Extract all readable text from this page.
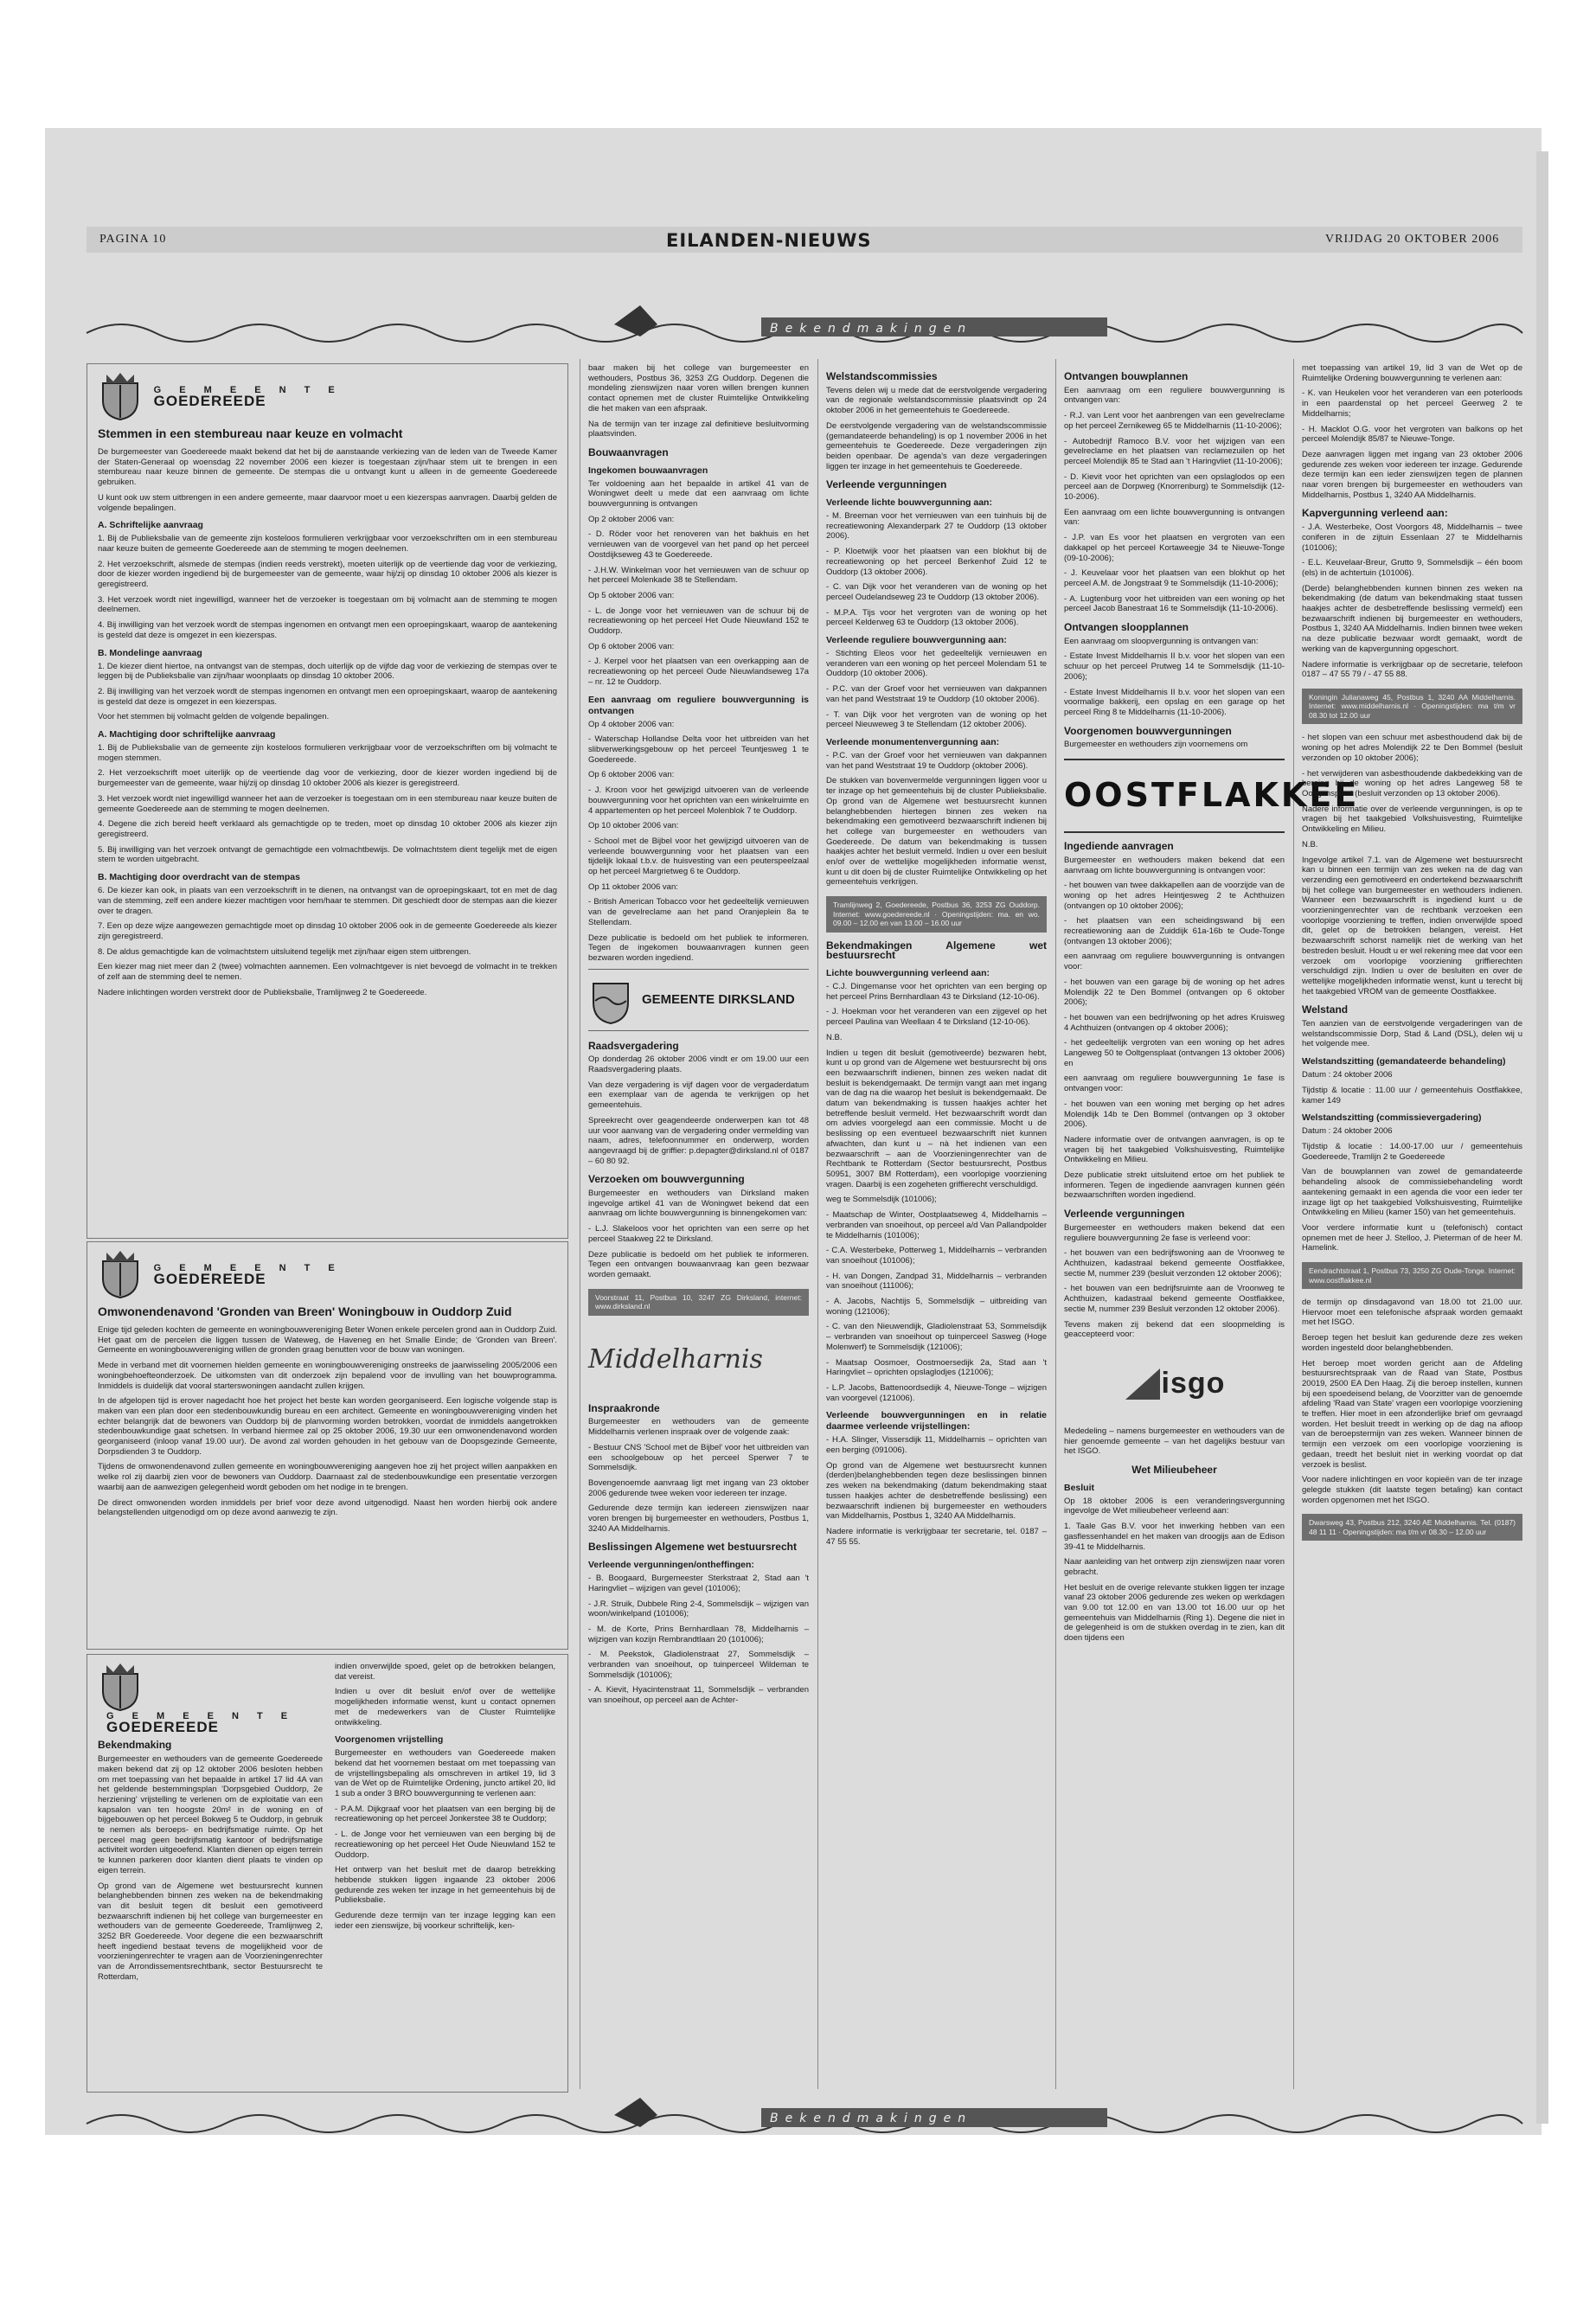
PAGINA 10	EILANDEN-NIEUWS	VRIJDAG 20 OKTOBER 2006
Bekendmakingen

G E M E E N T E
GOEDEREEDE
Stemmen in een stembureau naar keuze en volmacht

De burgemeester van Goedereede maakt bekend dat het bij de aanstaande verkiezing van de leden van de Tweede Kamer der Staten-Generaal op woensdag 22 november 2006 een kiezer is toegestaan zijn/haar stem uit te brengen in een stembureau naar keuze binnen de gemeente. De stempas die u ontvangt kunt u alleen in de gemeente Goedereede gebruiken.

U kunt ook uw stem uitbrengen in een andere gemeente, maar daarvoor moet u een kiezerspas aanvragen. Daarbij gelden de volgende bepalingen.

A. Schriftelijke aanvraag

1. Bij de Publieksbalie van de gemeente zijn kosteloos formulieren verkrijgbaar voor verzoekschriften om in een stembureau naar keuze buiten de gemeente Goedereede aan de stemming te mogen deelnemen.

2. Het verzoekschrift, alsmede de stempas (indien reeds verstrekt), moeten uiterlijk op de veertiende dag voor de verkiezing, door de kiezer worden ingediend bij de burgemeester van de gemeente, waar hij/zij op dinsdag 10 oktober 2006 als kiezer is geregistreerd.

3. Het verzoek wordt niet ingewilligd, wanneer het de verzoeker is toegestaan om bij volmacht aan de stemming te mogen deelnemen.

4. Bij inwilliging van het verzoek wordt de stempas ingenomen en ontvangt men een oproepingskaart, waarop de aantekening is gesteld dat deze is omgezet in een kiezerspas.

B. Mondelinge aanvraag

1. De kiezer dient hiertoe, na ontvangst van de stempas, doch uiterlijk op de vijfde dag voor de verkiezing de stempas over te leggen bij de Publieksbalie van zijn/haar woonplaats op dinsdag 10 oktober 2006.

2. Bij inwilliging van het verzoek wordt de stempas ingenomen en ontvangt men een oproepingskaart, waarop de aantekening is gesteld dat deze is omgezet in een kiezerspas.

Voor het stemmen bij volmacht gelden de volgende bepalingen.

A. Machtiging door schriftelijke aanvraag

1. Bij de Publieksbalie van de gemeente zijn kosteloos formulieren verkrijgbaar voor de verzoekschriften om bij volmacht te mogen stemmen.

2. Het verzoekschrift moet uiterlijk op de veertiende dag voor de verkiezing, door de kiezer worden ingediend bij de burgemeester van de gemeente, waar hij/zij op dinsdag 10 oktober 2006 als kiezer is geregistreerd.

3. Het verzoek wordt niet ingewilligd wanneer het aan de verzoeker is toegestaan om in een stembureau naar keuze buiten de gemeente Goedereede aan de stemming te mogen deelnemen.

4. Degene die zich bereid heeft verklaard als gemachtigde op te treden, moet op dinsdag 10 oktober 2006 als kiezer zijn geregistreerd.

5. Bij inwilliging van het verzoek ontvangt de gemachtigde een volmachtbewijs. De volmachtstem dient tegelijk met de eigen stem te worden uitgebracht.

B. Machtiging door overdracht van de stempas

6. De kiezer kan ook, in plaats van een verzoekschrift in te dienen, na ontvangst van de oproepingskaart, tot en met de dag van de stemming, zelf een andere kiezer machtigen voor hem/haar te stemmen. Dit geschiedt door de stempas aan die kiezer over te dragen.

7. Een op deze wijze aangewezen gemachtigde moet op dinsdag 10 oktober 2006 ook in de gemeente Goedereede als kiezer zijn geregistreerd.

8. De aldus gemachtigde kan de volmachtstem uitsluitend tegelijk met zijn/haar eigen stem uitbrengen.

Een kiezer mag niet meer dan 2 (twee) volmachten aannemen. Een volmachtgever is niet bevoegd de volmacht in te trekken of zelf aan de stemming deel te nemen.

Nadere inlichtingen worden verstrekt door de Publieksbalie, Tramlijnweg 2 te Goedereede.

G E M E E N T E
GOEDEREEDE
Omwonendenavond 'Gronden van Breen' Woningbouw in Ouddorp Zuid

Enige tijd geleden kochten de gemeente en woningbouwvereniging Beter Wonen enkele percelen grond aan in Ouddorp Zuid. Het gaat om de percelen die liggen tussen de Wateweg, de Haveneg en het Smalle Einde; de 'Gronden van Breen'. Gemeente en woningbouwvereniging willen de gronden graag benutten voor de bouw van woningen.

Mede in verband met dit voornemen hielden gemeente en woningbouwvereniging onstreeks de jaarwisseling 2005/2006 een woningbehoefteonderzoek. De uitkomsten van dit onderzoek zijn bepalend voor de invulling van het bouwprogramma. Inmiddels is duidelijk dat vooral starterswoningen aandacht zullen krijgen.

In de afgelopen tijd is erover nagedacht hoe het project het beste kan worden georganiseerd. Een logische volgende stap is maken van een plan door een stedenbouwkundig bureau en een architect. Gemeente en woningbouwvereniging vinden het echter belangrijk dat de bewoners van Ouddorp bij de planvorming worden betrokken, voordat de inmiddels aangetrokken stedenbouwkundige gaat schetsen. In verband hiermee zal op 25 oktober 2006, 19.30 uur een omwonendenavond worden georganiseerd (inloop vanaf 19.00 uur). De avond zal worden gehouden in het gebouw van de Doopsgezinde Gemeente, Dorpsdienden 3 te Ouddorp.

Tijdens de omwonendenavond zullen gemeente en woningbouwvereniging aangeven hoe zij het project willen aanpakken en welke rol zij daarbij zien voor de bewoners van Ouddorp. Daarnaast zal de stedenbouwkundige een presentatie verzorgen waarbij aan de aanwezigen gelegenheid wordt geboden om het nodige in te brengen.

De direct omwonenden worden inmiddels per brief voor deze avond uitgenodigd. Naast hen worden hierbij ook andere belangstellenden uitgenodigd om op deze avond aanwezig te zijn.

G E M E E N T E
GOEDEREEDE
Bekendmaking

Burgemeester en wethouders van de gemeente Goedereede maken bekend dat zij op 12 oktober 2006 besloten hebben om met toepassing van het bepaalde in artikel 17 lid 4A van het geldende bestemmingsplan 'Dorpsgebied Ouddorp, 2e herziening' vrijstelling te verlenen om de exploitatie van een kapsalon van ten hoogste 20m² in de woning en of bijgebouwen op het perceel Bokweg 5 te Ouddorp, in gebruik te nemen als beroeps- en bedrijfsmatige ruimte. Op het perceel mag geen bedrijfsmatig kantoor of bedrijfsmatige activiteit worden uitgeoefend. Klanten dienen op eigen terrein te kunnen parkeren door klanten dient plaats te vinden op eigen terrein.

Op grond van de Algemene wet bestuursrecht kunnen belanghebbenden binnen zes weken na de bekendmaking van dit besluit tegen dit besluit een gemotiveerd bezwaarschrift indienen bij het college van burgemeester en wethouders van de gemeente Goedereede, Tramlijnweg 2, 3252 BR Goedereede. Voor degene die een bezwaarschrift heeft ingediend bestaat tevens de mogelijkheid voor de voorzieningenrechter te vragen aan de Voorzieningenrechter van de Arrondissementsrechtbank, sector Bestuursrecht te Rotterdam,

indien onverwijlde spoed, gelet op de betrokken belangen, dat vereist.

Indien u over dit besluit en/of over de wettelijke mogelijkheden informatie wenst, kunt u contact opnemen met de medewerkers van de Cluster Ruimtelijke ontwikkeling.

Voorgenomen vrijstelling

Burgemeester en wethouders van Goedereede maken bekend dat het voornemen bestaat om met toepassing van de vrijstellingsbepaling als omschreven in artikel 19, lid 3 van de Wet op de Ruimtelijke Ordening, juncto artikel 20, lid 1 sub a onder 3 BRO bouwvergunning te verlenen aan:

- P.A.M. Dijkgraaf voor het plaatsen van een berging bij de recreatiewoning op het perceel Jonkerstee 38 te Ouddorp;

- L. de Jonge voor het vernieuwen van een berging bij de recreatiewoning op het perceel Het Oude Nieuwland 152 te Ouddorp.

Het ontwerp van het besluit met de daarop betrekking hebbende stukken liggen ingaande 23 oktober 2006 gedurende zes weken ter inzage in het gemeentehuis bij de Publieksbalie.

Gedurende deze termijn van ter inzage legging kan een ieder een zienswijze, bij voorkeur schriftelijk, ken-

baar maken bij het college van burgemeester en wethouders, Postbus 36, 3253 ZG Ouddorp. Degenen die mondeling zienswijzen naar voren willen brengen kunnen contact opnemen met de cluster Ruimtelijke Ontwikkeling die het maken van een afspraak.

Na de termijn van ter inzage zal definitieve besluitvorming plaatsvinden.

Bouwaanvragen
Ingekomen bouwaanvragen

Ter voldoening aan het bepaalde in artikel 41 van de Woningwet deelt u mede dat een aanvraag om lichte bouwvergunning is ontvangen

Op 2 oktober 2006 van:

- D. Röder voor het renoveren van het bakhuis en het vernieuwen van de voorgevel van het pand op het perceel Oostdijkseweg 43 te Goedereede.

- J.H.W. Winkelman voor het vernieuwen van de schuur op het perceel Molenkade 38 te Stellendam.

Op 5 oktober 2006 van:

- L. de Jonge voor het vernieuwen van de schuur bij de recreatiewoning op het perceel Het Oude Nieuwland 152 te Ouddorp.

Op 6 oktober 2006 van:

- J. Kerpel voor het plaatsen van een overkapping aan de recreatiewoning op het perceel Oude Nieuwlandseweg 17a – nr. 12 te Ouddorp.

Een aanvraag om reguliere bouwvergunning is ontvangen

Op 4 oktober 2006 van:

- Waterschap Hollandse Delta voor het uitbreiden van het slibverwerkingsgebouw op het perceel Teuntjesweg 1 te Goedereede.

Op 6 oktober 2006 van:

- J. Kroon voor het gewijzigd uitvoeren van de verleende bouwvergunning voor het oprichten van een winkelruimte en 4 appartementen op het perceel Molenblok 7 te Ouddorp.

Op 10 oktober 2006 van:

- School met de Bijbel voor het gewijzigd uitvoeren van de verleende bouwvergunning voor het plaatsen van een tijdelijk lokaal t.b.v. de huisvesting van een peuterspeelzaal op het perceel Margrietweg 6 te Ouddorp.

Op 11 oktober 2006 van:

- British American Tobacco voor het gedeeltelijk vernieuwen van de gevelreclame aan het pand Oranjeplein 8a te Stellendam.

Deze publicatie is bedoeld om het publiek te informeren. Tegen de ingekomen bouwaanvragen kunnen geen bezwaren worden ingediend.

GEMEENTE DIRKSLAND
Raadsvergadering

Op donderdag 26 oktober 2006 vindt er om 19.00 uur een Raadsvergadering plaats.

Van deze vergadering is vijf dagen voor de vergaderdatum een exemplaar van de agenda te verkrijgen op het gemeentehuis.

Spreekrecht over geagendeerde onderwerpen kan tot 48 uur voor aanvang van de vergadering onder vermelding van naam, adres, telefoonnummer en onderwerp, worden aangevraagd bij de griffier: p.depagter@dirksland.nl of 0187 – 60 80 92.

Verzoeken om bouwvergunning

Burgemeester en wethouders van Dirksland maken ingevolge artikel 41 van de Woningwet bekend dat een aanvraag om lichte bouwvergunning is binnengekomen van:

- L.J. Slakeloos voor het oprichten van een serre op het perceel Staakweg 22 te Dirksland.

Deze publicatie is bedoeld om het publiek te informeren. Tegen een ontvangen bouwaanvraag kan geen bezwaar worden gemaakt.

Voorstraat 11, Postbus 10, 3247 ZG Dirksland, internet: www.dirksland.nl
Middelharnis
Inspraakronde

Burgemeester en wethouders van de gemeente Middelharnis verlenen inspraak over de volgende zaak:

- Bestuur CNS 'School met de Bijbel' voor het uitbreiden van een schoolgebouw op het perceel Sperwer 7 te Sommelsdijk.

Bovengenoemde aanvraag ligt met ingang van 23 oktober 2006 gedurende twee weken voor iedereen ter inzage.

Gedurende deze termijn kan iedereen zienswijzen naar voren brengen bij burgemeester en wethouders, Postbus 1, 3240 AA Middelharnis.

Beslissingen Algemene wet bestuursrecht
Verleende vergunningen/ontheffingen:

- B. Boogaard, Burgemeester Sterkstraat 2, Stad aan 't Haringvliet – wijzigen van gevel (101006);

- J.R. Struik, Dubbele Ring 2-4, Sommelsdijk – wijzigen van woon/winkelpand (101006);

- M. de Korte, Prins Bernhardlaan 78, Middelharnis – wijzigen van kozijn Rembrandtlaan 20 (101006);

- M. Peekstok, Gladiolenstraat 27, Sommelsdijk – verbranden van snoeihout, op tuinperceel Wildeman te Sommelsdijk (101006);

- A. Kievit, Hyacintenstraat 11, Sommelsdijk – verbranden van snoeihout, op perceel aan de Achter-

Welstandscommissies

Tevens delen wij u mede dat de eerstvolgende vergadering van de regionale welstandscommissie plaatsvindt op 24 oktober 2006 in het gemeentehuis te Goedereede.

De eerstvolgende vergadering van de welstandscommissie (gemandateerde behandeling) is op 1 november 2006 in het gemeentehuis te Goedereede. Deze vergaderingen zijn beiden openbaar. De agenda's van deze vergaderingen liggen ter inzage in het gemeentehuis te Goedereede.

Verleende vergunningen
Verleende lichte bouwvergunning aan:

- M. Breeman voor het vernieuwen van een tuinhuis bij de recreatiewoning Alexanderpark 27 te Ouddorp (13 oktober 2006).

- P. Kloetwijk voor het plaatsen van een blokhut bij de recreatiewoning op het perceel Berkenhof Zuid 12 te Ouddorp (13 oktober 2006).

- C. van Dijk voor het veranderen van de woning op het perceel Oudelandseweg 23 te Ouddorp (13 oktober 2006).

- M.P.A. Tijs voor het vergroten van de woning op het perceel Kelderweg 63 te Ouddorp (13 oktober 2006).

Verleende reguliere bouwvergunning aan:

- Stichting Eleos voor het gedeeltelijk vernieuwen en veranderen van een woning op het perceel Molendam 51 te Ouddorp (10 oktober 2006).

- P.C. van der Groef voor het vernieuwen van dakpannen van het pand Weststraat 19 te Ouddorp (10 oktober 2006).

- T. van Dijk voor het vergroten van de woning op het perceel Nieuweweg 3 te Stellendam (12 oktober 2006).

Verleende monumentenvergunning aan:

- P.C. van der Groef voor het vernieuwen van dakpannen van het pand Weststraat 19 te Ouddorp (oktober 2006).

De stukken van bovenvermelde vergunningen liggen voor u ter inzage op het gemeentehuis bij de cluster Publieksbalie. Op grond van de Algemene wet bestuursrecht kunnen belanghebbenden hiertegen binnen zes weken na bekendmaking een gemotiveerd bezwaarschrift indienen bij het college van burgemeester en wethouders van Goedereede. De datum van bekendmaking is tussen haakjes achter het besluit vermeld. Indien u over een besluit en/of over de wettelijke mogelijkheden informatie wenst, kunt u dit doen bij de cluster Ruimtelijke Ontwikkeling op het gemeentehuis verkrijgen.

Tramlijnweg 2, Goedereede, Postbus 36, 3253 ZG Ouddorp. Internet: www.goedereede.nl · Openingstijden: ma. en wo. 09.00 – 12.00 en van 13.00 – 16.00 uur
Bekendmakingen Algemene wet bestuursrecht
Lichte bouwvergunning verleend aan:

- C.J. Dingemanse voor het oprichten van een berging op het perceel Prins Bernhardlaan 43 te Dirksland (12-10-06).

- J. Hoekman voor het veranderen van een zijgevel op het perceel Paulina van Weellaan 4 te Dirksland (12-10-06).

N.B.

Indien u tegen dit besluit (gemotiveerde) bezwaren hebt, kunt u op grond van de Algemene wet bestuursrecht bij ons een bezwaarschrift indienen, binnen zes weken nadat dit besluit is bekendgemaakt. De termijn vangt aan met ingang van de dag na die waarop het besluit is bekendgemaakt. De datum van bekendmaking is tussen haakjes achter het betreffende besluit vermeld. Het bezwaarschrift wordt dan om advies voorgelegd aan een commissie. Mocht u de beslissing op een eventueel bezwaarschrift niet kunnen afwachten, dan kunt u – nà het indienen van een bezwaarschrift – aan de Voorzieningenrechter van de Rechtbank te Rotterdam (Sector bestuursrecht, Postbus 50951, 3007 BM Rotterdam), een voorlopige voorziening vragen. Daarbij is een zogeheten griffierecht verschuldigd.

weg te Sommelsdijk (101006);

- Maatschap de Winter, Oostplaatseweg 4, Middelharnis – verbranden van snoeihout, op perceel a/d Van Pallandpolder te Middelharnis (101006);

- C.A. Westerbeke, Potterweg 1, Middelharnis – verbranden van snoeihout (101006);

- H. van Dongen, Zandpad 31, Middelharnis – verbranden van snoeihout (111006);

- A. Jacobs, Nachtijs 5, Sommelsdijk – uitbreiding van woning (121006);

- C. van den Nieuwendijk, Gladiolenstraat 53, Sommelsdijk – verbranden van snoeihout op tuinperceel Sasweg (Hoge Molenwerf) te Sommelsdijk (121006);

- Maatsap Oosmoer, Oostmoersedijk 2a, Stad aan 't Haringvliet – oprichten opslaglodjes (121006);

- L.P. Jacobs, Battenoordsedijk 4, Nieuwe-Tonge – wijzigen van voorgevel (121006).

Verleende bouwvergunningen en in relatie daarmee verleende vrijstellingen:

- H.A. Slinger, Vissersdijk 11, Middelharnis – oprichten van een berging (091006).

Op grond van de Algemene wet bestuursrecht kunnen (derden)belanghebbenden tegen deze beslissingen binnen zes weken na bekendmaking (datum bekendmaking staat tussen haakjes achter de desbetreffende beslissing) een bezwaarschrift indienen bij burgemeester en wethouders van Middelharnis, Postbus 1, 3240 AA Middelharnis.

Nadere informatie is verkrijgbaar ter secretarie, tel. 0187 – 47 55 55.

Ontvangen bouwplannen

Een aanvraag om een reguliere bouwvergunning is ontvangen van:

- R.J. van Lent voor het aanbrengen van een gevelreclame op het perceel Zernikeweg 65 te Middelharnis (11-10-2006);

- Autobedrijf Ramoco B.V. voor het wijzigen van een gevelreclame en het plaatsen van reclamezuilen op het perceel Molendijk 85 te Stad aan 't Haringvliet (11-10-2006);

- D. Kievit voor het oprichten van een opslaglodos op een perceel aan de Dorpweg (Knorrenburg) te Sommelsdijk (12-10-2006).

Een aanvraag om een lichte bouwvergunning is ontvangen van:

- J.P. van Es voor het plaatsen en vergroten van een dakkapel op het perceel Kortaweegje 34 te Nieuwe-Tonge (09-10-2006);

- J. Keuvelaar voor het plaatsen van een blokhut op het perceel A.M. de Jongstraat 9 te Sommelsdijk (11-10-2006);

- A. Lugtenburg voor het uitbreiden van een woning op het perceel Jacob Banestraat 16 te Sommelsdijk (11-10-2006).

Ontvangen sloopplannen

Een aanvraag om sloopvergunning is ontvangen van:

- Estate Invest Middelharnis II b.v. voor het slopen van een schuur op het perceel Prutweg 14 te Sommelsdijk (11-10-2006);

- Estate Invest Middelharnis II b.v. voor het slopen van een voormalige bakkerij, een opslag en een garage op het perceel Ring 8 te Middelharnis (11-10-2006).

Voorgenomen bouwvergunningen

Burgemeester en wethouders zijn voornemens om

OOSTFLAKKEE
Ingediende aanvragen

Burgemeester en wethouders maken bekend dat een aanvraag om lichte bouwvergunning is ontvangen voor:

- het bouwen van twee dakkapellen aan de voorzijde van de woning op het adres Heintjesweg 2 te Achthuizen (ontvangen op 10 oktober 2006);

- het plaatsen van een scheidingswand bij een recreatiewoning aan de Zuiddijk 61a-16b te Oude-Tonge (ontvangen 13 oktober 2006);

een aanvraag om reguliere bouwvergunning is ontvangen voor:

- het bouwen van een garage bij de woning op het adres Molendijk 22 te Den Bommel (ontvangen op 6 oktober 2006);

- het bouwen van een bedrijfwoning op het adres Kruisweg 4 Achthuizen (ontvangen op 4 oktober 2006);

- het gedeeltelijk vergroten van een woning op het adres Langeweg 50 te Ooltgensplaat (ontvangen 13 oktober 2006) en

een aanvraag om reguliere bouwvergunning 1e fase is ontvangen voor:

- het bouwen van een woning met berging op het adres Molendijk 14b te Den Bommel (ontvangen op 3 oktober 2006).

Nadere informatie over de ontvangen aanvragen, is op te vragen bij het taakgebied Volkshuisvesting, Ruimtelijke Ontwikkeling en Milieu.

Deze publicatie strekt uitsluitend ertoe om het publiek te informeren. Tegen de ingediende aanvragen kunnen géén bezwaarschriften worden ingediend.

Verleende vergunningen

Burgemeester en wethouders maken bekend dat een reguliere bouwvergunning 2e fase is verleend voor:

- het bouwen van een bedrijfswoning aan de Vroonweg te Achthuizen, kadastraal bekend gemeente Oostflakkee, sectie M, nummer 239 (besluit verzonden 12 oktober 2006);

- het bouwen van een bedrijfsruimte aan de Vroonweg te Achthuizen, kadastraal bekend gemeente Oostflakkee, sectie M, nummer 239 Besluit verzonden 12 oktober 2006).

Tevens maken zij bekend dat een sloopmelding is geaccepteerd voor:

isgo

Mededeling – namens burgemeester en wethouders van de hier genoemde gemeente – van het dagelijks bestuur van het ISGO.

Wet Milieubeheer
Besluit

Op 18 oktober 2006 is een veranderingsvergunning ingevolge de Wet milieubeheer verleend aan:

1. Taale Gas B.V. voor het inwerking hebben van een gasflessenhandel en het maken van droogijs aan de Edison 39-41 te Middelharnis.

Naar aanleiding van het ontwerp zijn zienswijzen naar voren gebracht.

Het besluit en de overige relevante stukken liggen ter inzage vanaf 23 oktober 2006 gedurende zes weken op werkdagen van 9.00 tot 12.00 en van 13.00 tot 16.00 uur op het gemeentehuis van Middelharnis (Ring 1). Degene die niet in de gelegenheid is om de stukken overdag in te zien, kan dit doen tijdens een

met toepassing van artikel 19, lid 3 van de Wet op de Ruimtelijke Ordening bouwvergunning te verlenen aan:

- K. van Heukelen voor het veranderen van een poterloods in een paardenstal op het perceel Geerweg 2 te Middelharnis;

- H. Macklot O.G. voor het vergroten van balkons op het perceel Molendijk 85/87 te Nieuwe-Tonge.

Deze aanvragen liggen met ingang van 23 oktober 2006 gedurende zes weken voor iedereen ter inzage. Gedurende deze termijn kan een ieder zienswijzen tegen de plannen naar voren brengen bij burgemeester en wethouders van Middelharnis, Postbus 1, 3240 AA Middelharnis.

Kapvergunning verleend aan:

- J.A. Westerbeke, Oost Voorgors 48, Middelharnis – twee coniferen in de zijtuin Essenlaan 27 te Middelharnis (101006);

- E.L. Keuvelaar-Breur, Grutto 9, Sommelsdijk – één boom (els) in de achtertuin (101006).

(Derde) belanghebbenden kunnen binnen zes weken na bekendmaking (de datum van bekendmaking staat tussen haakjes achter de desbetreffende beslissing vermeld) een bezwaarschrift indienen bij burgemeester en wethouders, Postbus 1, 3240 AA Middelharnis. Indien binnen twee weken na deze publicatie bezwaar wordt gemaakt, wordt de werking van de kapvergunning opgeschort.

Nadere informatie is verkrijgbaar op de secretarie, telefoon 0187 – 47 55 79 / - 47 55 88.

Koningin Julianaweg 45, Postbus 1, 3240 AA Middelharnis. Internet: www.middelharnis.nl · Openingstijden: ma t/m vr 08.30 tot 12.00 uur

- het slopen van een schuur met asbesthoudend dak bij de woning op het adres Molendijk 22 te Den Bommel (besluit verzonden op 10 oktober 2006);

- het verwijderen van asbesthoudende dakbedekking van de berging bij de woning op het adres Langeweg 58 te Ooltgensplaat (besluit verzonden op 13 oktober 2006).

Nadere informatie over de verleende vergunningen, is op te vragen bij het taakgebied Volkshuisvesting, Ruimtelijke Ontwikkeling en Milieu.

N.B.

Ingevolge artikel 7.1. van de Algemene wet bestuursrecht kan u binnen een termijn van zes weken na de dag van verzending een gemotiveerd en ondertekend bezwaarschrift bij het college van burgemeester en wethouders indienen. Wanneer een bezwaarschrift is ingediend kunt u de voorzieningenrechter van de rechtbank verzoeken een voorlopige voorziening te treffen, indien onverwijlde spoed dit, gelet op de betrokken belangen, vereist. Het bezwaarschrift schorst namelijk niet de werking van het bestreden besluit. Houdt u er wel rekening mee dat voor een verzoek om voorlopige voorziening griffierechten verschuldigd zijn. Indien u over de besluiten en over de wettelijke mogelijkheden informatie wenst, kunt u terecht bij het taakgebied VROM van de gemeente Oostflakkee.

Welstand

Ten aanzien van de eerstvolgende vergaderingen van de welstandscommissie Dorp, Stad & Land (DSL), delen wij u het volgende mee.

Welstandszitting (gemandateerde behandeling)

Datum : 24 oktober 2006

Tijdstip & locatie : 11.00 uur / gemeentehuis Oostflakkee, kamer 149

Welstandszitting (commissievergadering)

Datum : 24 oktober 2006

Tijdstip & locatie : 14.00-17.00 uur / gemeentehuis Goedereede, Tramlijn 2 te Goedereede

Van de bouwplannen van zowel de gemandateerde behandeling alsook de commissiebehandeling wordt aantekening gemaakt in een agenda die voor een ieder ter inzage ligt op het taakgebied Volkshuisvesting, Ruimtelijke Ontwikkeling en Milieu (kamer 150) van het gemeentehuis.

Voor verdere informatie kunt u (telefonisch) contact opnemen met de heer J. Stelloo, J. Pieterman of de heer M. Hamelink.

Eendrachtstraat 1, Postbus 73, 3250 ZG Oude-Tonge. Internet: www.oostflakkee.nl

de termijn op dinsdagavond van 18.00 tot 21.00 uur. Hiervoor moet een telefonische afspraak worden gemaakt met het ISGO.

Beroep tegen het besluit kan gedurende deze zes weken worden ingesteld door belanghebbenden.

Het beroep moet worden gericht aan de Afdeling bestuursrechtspraak van de Raad van State, Postbus 20019, 2500 EA Den Haag. Zij die beroep instellen, kunnen bij een spoedeisend belang, de Voorzitter van de genoemde afdeling 'Raad van State' vragen een voorlopige voorziening te treffen. Hier moet in een afzonderlijke brief om gevraagd worden. Het besluit treedt in werking op de dag na afloop van de beroepstermijn van zes weken. Wanneer binnen de termijn een verzoek om een voorlopige voorziening is gedaan, treedt het besluit niet in werking voordat op dat verzoek is beslist.

Voor nadere inlichtingen en voor kopieën van de ter inzage gelegde stukken (dit laatste tegen betaling) kan contact worden opgenomen met het ISGO.

Dwarsweg 43, Postbus 212, 3240 AE Middelharnis. Tel. (0187) 48 11 11 · Openingstijden: ma t/m vr 08.30 – 12.00 uur
Bekendmakingen
